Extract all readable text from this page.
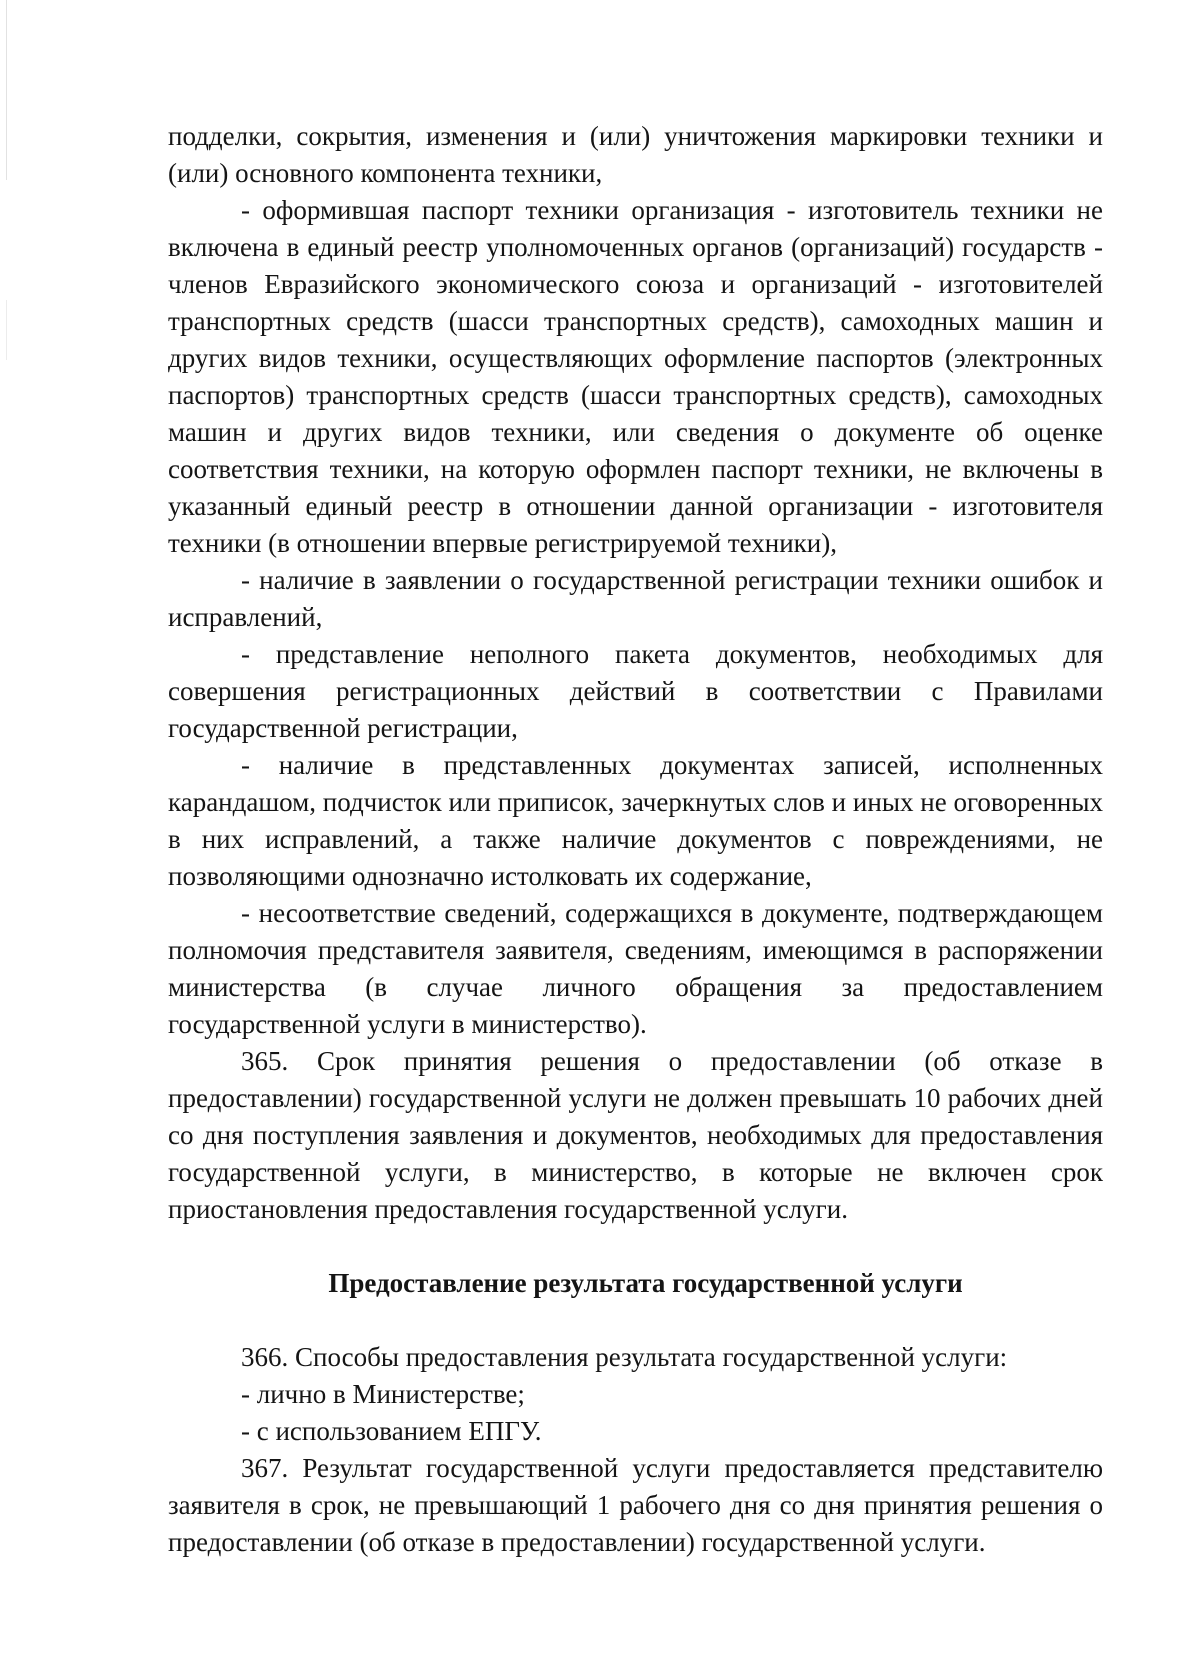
подделки, сокрытия, изменения и (или) уничтожения маркировки техники и (или) основного компонента техники,

- оформившая паспорт техники организация - изготовитель техники не включена в единый реестр уполномоченных органов (организаций) государств - членов Евразийского экономического союза и организаций - изготовителей транспортных средств (шасси транспортных средств), самоходных машин и других видов техники, осуществляющих оформление паспортов (электронных паспортов) транспортных средств (шасси транспортных средств), самоходных машин и других видов техники, или сведения о документе об оценке соответствия техники, на которую оформлен паспорт техники, не включены в указанный единый реестр в отношении данной организации - изготовителя техники (в отношении впервые регистрируемой техники),

- наличие в заявлении о государственной регистрации техники ошибок и исправлений,

- представление неполного пакета документов, необходимых для совершения регистрационных действий в соответствии с Правилами государственной регистрации,

- наличие в представленных документах записей, исполненных карандашом, подчисток или приписок, зачеркнутых слов и иных не оговоренных в них исправлений, а также наличие документов с повреждениями, не позволяющими однозначно истолковать их содержание,

- несоответствие сведений, содержащихся в документе, подтверждающем полномочия представителя заявителя, сведениям, имеющимся в распоряжении министерства (в случае личного обращения за предоставлением государственной услуги в министерство).

365. Срок принятия решения о предоставлении (об отказе в предоставлении) государственной услуги не должен превышать 10 рабочих дней со дня поступления заявления и документов, необходимых для предоставления государственной услуги, в министерство, в которые не включен срок приостановления предоставления государственной услуги.

Предоставление результата государственной услуги

366. Способы предоставления результата государственной услуги:

- лично в Министерстве;

- с использованием ЕПГУ.

367. Результат государственной услуги предоставляется представителю заявителя в срок, не превышающий 1 рабочего дня со дня принятия решения о предоставлении (об отказе в предоставлении) государственной услуги.
